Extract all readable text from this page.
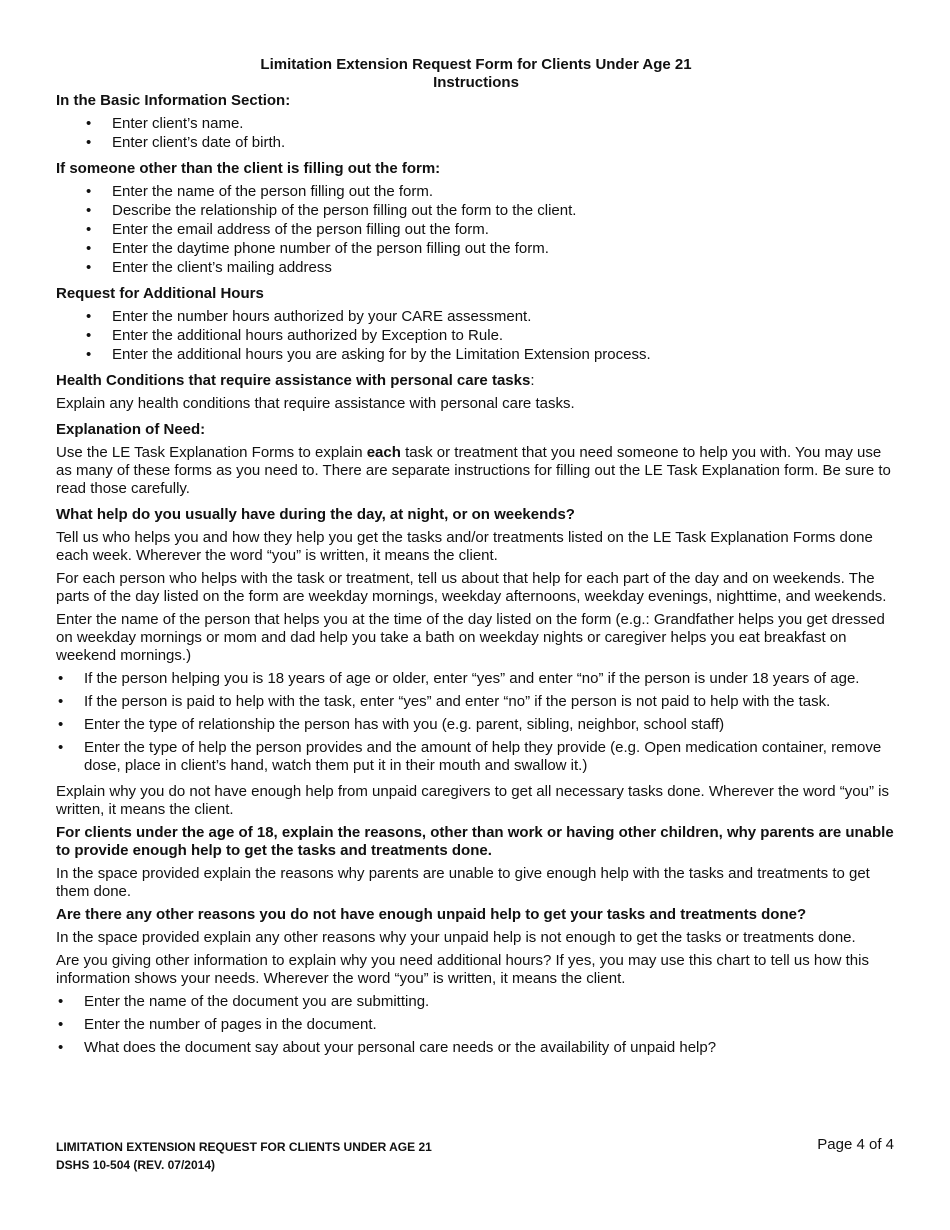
Limitation Extension Request Form for Clients Under Age 21
Instructions
In the Basic Information Section:
• Enter client’s name.
• Enter client’s date of birth.
If someone other than the client is filling out the form:
• Enter the name of the person filling out the form.
• Describe the relationship of the person filling out the form to the client.
• Enter the email address of the person filling out the form.
• Enter the daytime phone number of the person filling out the form.
• Enter the client’s mailing address
Request for Additional Hours
• Enter the number hours authorized by your CARE assessment.
• Enter the additional hours authorized by Exception to Rule.
• Enter the additional hours you are asking for by the Limitation Extension process.
Health Conditions that require assistance with personal care tasks:

Explain any health conditions that require assistance with personal care tasks.

Explanation of Need:

Use the LE Task Explanation Forms to explain each task or treatment that you need someone to help you with. You may use as many of these forms as you need to. There are separate instructions for filling out the LE Task Explanation form. Be sure to read those carefully.

What help do you usually have during the day, at night, or on weekends?

Tell us who helps you and how they help you get the tasks and/or treatments listed on the LE Task Explanation Forms done each week. Wherever the word “you” is written, it means the client.

For each person who helps with the task or treatment, tell us about that help for each part of the day and on weekends. The parts of the day listed on the form are weekday mornings, weekday afternoons, weekday evenings, nighttime, and weekends.

Enter the name of the person that helps you at the time of the day listed on the form (e.g.: Grandfather helps you get dressed on weekday mornings or mom and dad help you take a bath on weekday nights or caregiver helps you eat breakfast on weekend mornings.)

• If the person helping you is 18 years of age or older, enter “yes” and enter “no” if the person is under 18 years of age.
• If the person is paid to help with the task, enter “yes” and enter “no” if the person is not paid to help with the task.
• Enter the type of relationship the person has with you (e.g. parent, sibling, neighbor, school staff)
• Enter the type of help the person provides and the amount of help they provide (e.g. Open medication container, remove dose, place in client’s hand, watch them put it in their mouth and swallow it.)

Explain why you do not have enough help from unpaid caregivers to get all necessary tasks done. Wherever the word “you” is written, it means the client.

For clients under the age of 18, explain the reasons, other than work or having other children, why parents are unable to provide enough help to get the tasks and treatments done.

In the space provided explain the reasons why parents are unable to give enough help with the tasks and treatments to get them done.

Are there any other reasons you do not have enough unpaid help to get your tasks and treatments done?

In the space provided explain any other reasons why your unpaid help is not enough to get the tasks or treatments done.

Are you giving other information to explain why you need additional hours? If yes, you may use this chart to tell us how this information shows your needs. Wherever the word “you” is written, it means the client.

• Enter the name of the document you are submitting.
• Enter the number of pages in the document.
• What does the document say about your personal care needs or the availability of unpaid help?
LIMITATION EXTENSION REQUEST FOR CLIENTS UNDER AGE 21
DSHS 10-504 (REV. 07/2014)
Page 4 of 4
